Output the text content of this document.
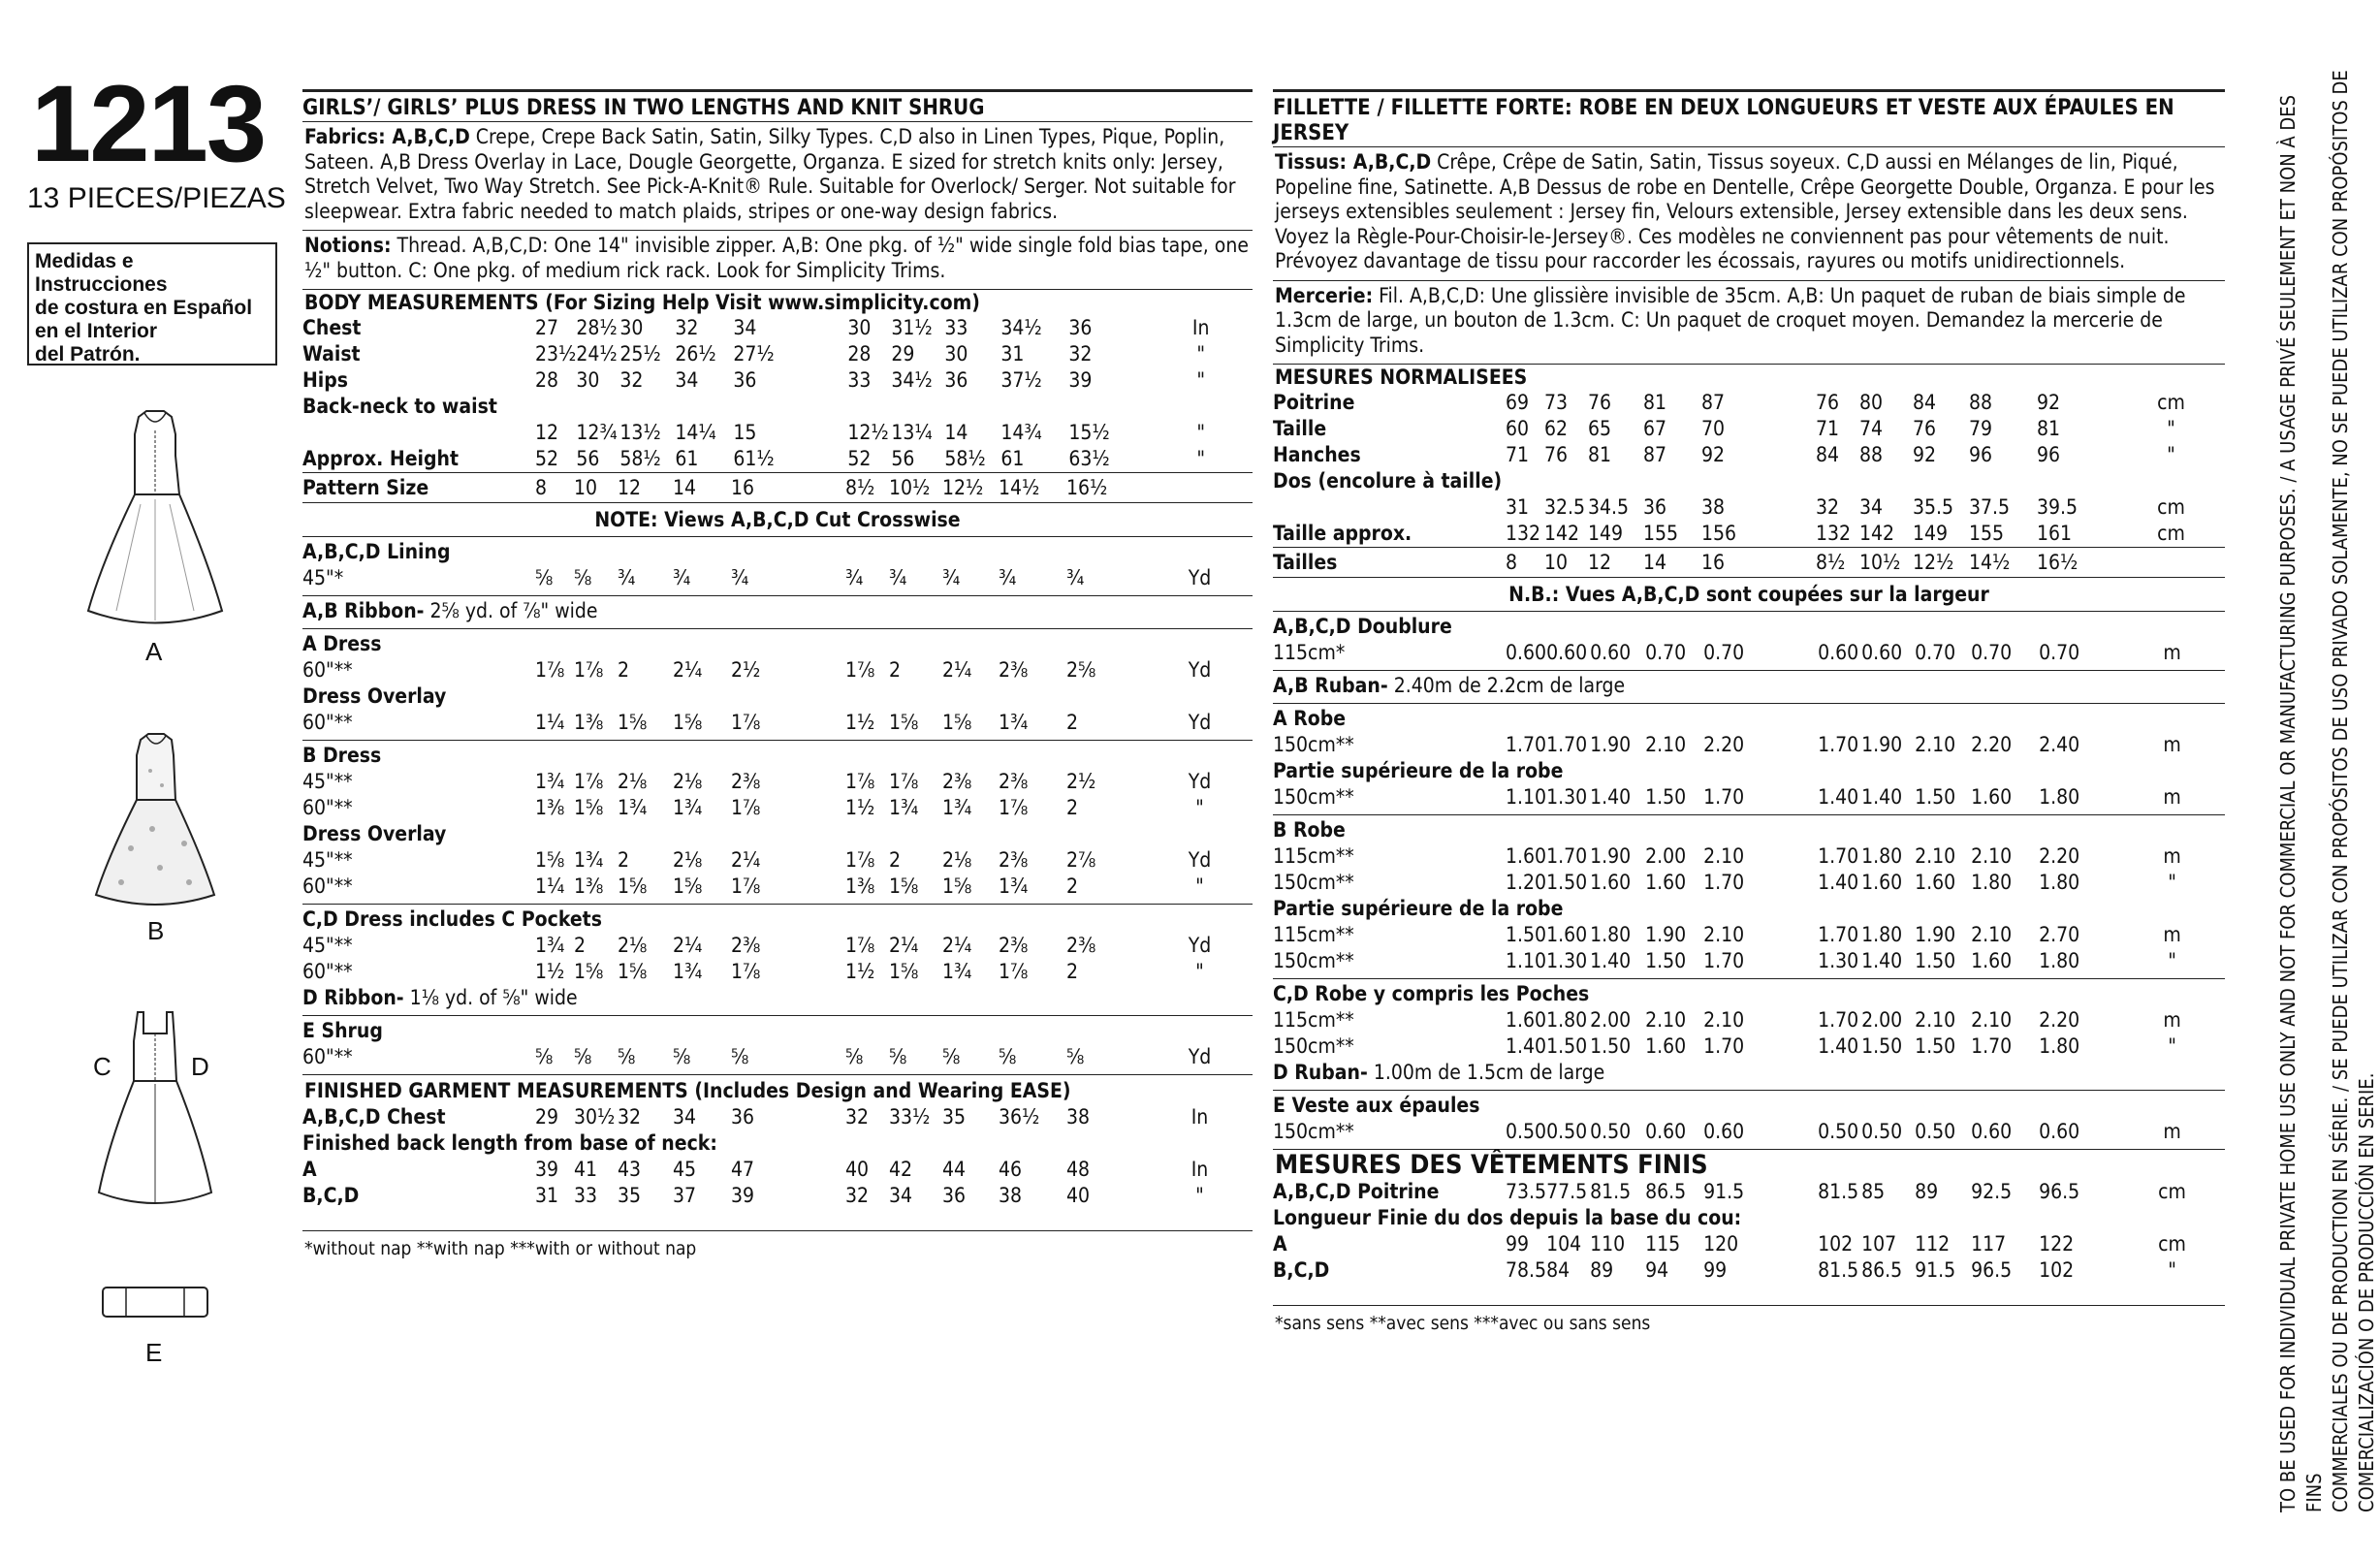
1213
13 PIECES/PIEZAS
Medidas e Instrucciones
de costura en Español
en el Interior
del Patrón.
A
B
C	D
E
GIRLS’/ GIRLS’ PLUS DRESS IN TWO LENGTHS AND KNIT SHRUG
Fabrics: A,B,C,D Crepe, Crepe Back Satin, Satin, Silky Types. C,D also in Linen Types, Pique, Poplin, Sateen. A,B Dress Overlay in Lace, Dougle Georgette, Organza. E sized for stretch knits only: Jersey, Stretch Velvet, Two Way Stretch. See Pick-A-Knit® Rule. Suitable for Overlock/ Serger. Not suitable for sleepwear. Extra fabric needed to match plaids, stripes or one-way design fabrics.
Notions: Thread. A,B,C,D: One 14" invisible zipper. A,B: One pkg. of ½" wide single fold bias tape, one ½" button. C: One pkg. of medium rick rack. Look for Simplicity Trims.
BODY MEASUREMENTS (For Sizing Help Visit www.simplicity.com)
Chest	27	28½	30	32	34	30	31½	33	34½	36	In
Waist	23½	24½	25½	26½	27½	28	29	30	31	32	"
Hips	28	30	32	34	36	33	34½	36	37½	39	"
Back-neck to waist											
	12	12¾	13½	14¼	15	12½	13¼	14	14¾	15½	"
Approx. Height	52	56	58½	61	61½	52	56	58½	61	63½	"
Pattern Size	8	10	12	14	16	8½	10½	12½	14½	16½	
NOTE: Views A,B,C,D Cut Crosswise
A,B,C,D Lining
45"*	⅝	⅝	¾	¾	¾	¾	¾	¾	¾	¾	Yd
A,B Ribbon- 2⅝ yd. of ⅞" wide
A Dress											
60"**	1⅞	1⅞	2	2¼	2½	1⅞	2	2¼	2⅜	2⅝	Yd
Dress Overlay											
60"**	1¼	1⅜	1⅝	1⅝	1⅞	1½	1⅝	1⅝	1¾	2	Yd
B Dress											
45"**	1¾	1⅞	2⅛	2⅛	2⅜	1⅞	1⅞	2⅜	2⅜	2½	Yd
60"**	1⅜	1⅝	1¾	1¾	1⅞	1½	1¾	1¾	1⅞	2	"
Dress Overlay											
45"**	1⅝	1¾	2	2⅛	2¼	1⅞	2	2⅛	2⅜	2⅞	Yd
60"**	1¼	1⅜	1⅝	1⅝	1⅞	1⅜	1⅝	1⅝	1¾	2	"
C,D Dress includes C Pockets											
45"**	1¾	2	2⅛	2¼	2⅜	1⅞	2¼	2¼	2⅜	2⅜	Yd
60"**	1½	1⅝	1⅝	1¾	1⅞	1½	1⅝	1¾	1⅞	2	"
D Ribbon- 1⅛ yd. of ⅝" wide											
E Shrug
60"**	⅝	⅝	⅝	⅝	⅝	⅝	⅝	⅝	⅝	⅝	Yd
FINISHED GARMENT MEASUREMENTS (Includes Design and Wearing EASE)
A,B,C,D Chest	29	30½	32	34	36	32	33½	35	36½	38	In
Finished back length from base of neck:											
A	39	41	43	45	47	40	42	44	46	48	In
B,C,D	31	33	35	37	39	32	34	36	38	40	"
*without nap **with nap ***with or without nap
FILLETTE / FILLETTE FORTE: ROBE EN DEUX LONGUEURS ET VESTE AUX ÉPAULES EN JERSEY
Tissus: A,B,C,D Crêpe, Crêpe de Satin, Satin, Tissus soyeux. C,D aussi en Mélanges de lin, Piqué, Popeline fine, Satinette. A,B Dessus de robe en Dentelle, Crêpe Georgette Double, Organza. E pour les jerseys extensibles seulement : Jersey fin, Velours extensible, Jersey extensible dans les deux sens. Voyez la Règle-Pour-Choisir-le-Jersey®. Ces modèles ne conviennent pas pour vêtements de nuit. Prévoyez davantage de tissu pour raccorder les écossais, rayures ou motifs unidirectionnels.
Mercerie: Fil. A,B,C,D: Une glissière invisible de 35cm. A,B: Un paquet de ruban de biais simple de 1.3cm de large, un bouton de 1.3cm. C: Un paquet de croquet moyen. Demandez la mercerie de Simplicity Trims.
MESURES NORMALISEES
Poitrine	69	73	76	81	87	76	80	84	88	92	cm
Taille	60	62	65	67	70	71	74	76	79	81	"
Hanches	71	76	81	87	92	84	88	92	96	96	"
Dos (encolure à taille)											
	31	32.5	34.5	36	38	32	34	35.5	37.5	39.5	cm
Taille approx.	132	142	149	155	156	132	142	149	155	161	cm
Tailles	8	10	12	14	16	8½	10½	12½	14½	16½	
N.B.: Vues A,B,C,D sont coupées sur la largeur
A,B,C,D Doublure
115cm*	0.60	0.60	0.60	0.70	0.70	0.60	0.60	0.70	0.70	0.70	m
A,B Ruban- 2.40m de 2.2cm de large
A Robe											
150cm**	1.70	1.70	1.90	2.10	2.20	1.70	1.90	2.10	2.20	2.40	m
Partie supérieure de la robe											
150cm**	1.10	1.30	1.40	1.50	1.70	1.40	1.40	1.50	1.60	1.80	m
B Robe											
115cm**	1.60	1.70	1.90	2.00	2.10	1.70	1.80	2.10	2.10	2.20	m
150cm**	1.20	1.50	1.60	1.60	1.70	1.40	1.60	1.60	1.80	1.80	"
Partie supérieure de la robe											
115cm**	1.50	1.60	1.80	1.90	2.10	1.70	1.80	1.90	2.10	2.70	m
150cm**	1.10	1.30	1.40	1.50	1.70	1.30	1.40	1.50	1.60	1.80	"
C,D Robe y compris les Poches											
115cm**	1.60	1.80	2.00	2.10	2.10	1.70	2.00	2.10	2.10	2.20	m
150cm**	1.40	1.50	1.50	1.60	1.70	1.40	1.50	1.50	1.70	1.80	"
D Ruban- 1.00m de 1.5cm de large											
E Veste aux épaules
150cm**	0.50	0.50	0.50	0.60	0.60	0.50	0.50	0.50	0.60	0.60	m
MESURES DES VÊTEMENTS FINIS
A,B,C,D Poitrine	73.5	77.5	81.5	86.5	91.5	81.5	85	89	92.5	96.5	cm
Longueur Finie du dos depuis la base du cou:											
A	99	104	110	115	120	102	107	112	117	122	cm
B,C,D	78.5	84	89	94	99	81.5	86.5	91.5	96.5	102	"
*sans sens **avec sens ***avec ou sans sens	TO BE USED FOR INDIVIDUAL PRIVATE HOME USE ONLY AND NOT FOR COMMERCIAL OR MANUFACTURING PURPOSES. / A USAGE PRIVÉ SEULEMENT ET NON À DES FINS COMMERCIALES OU DE PRODUCTION EN SÉRIE. / SE PUEDE UTILIZAR CON PROPÓSITOS DE USO PRIVADO SOLAMENTE, NO SE PUEDE UTILIZAR CON PROPÓSITOS DE COMERCIALIZACIÓN O DE PRODUCCIÓN EN SERIE.
